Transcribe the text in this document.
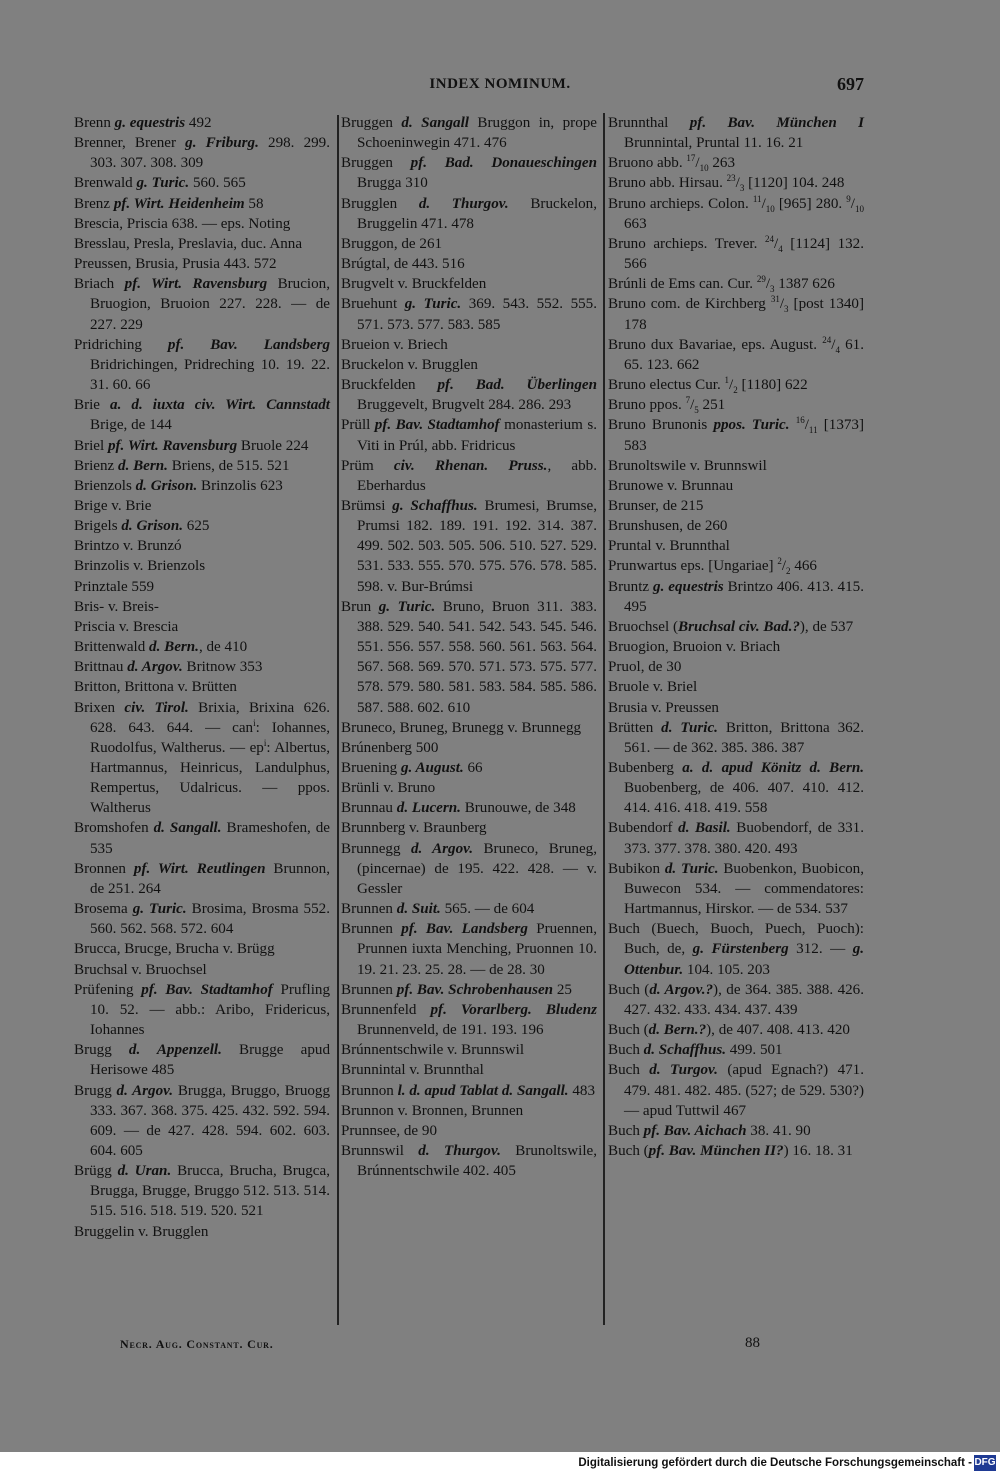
INDEX NOMINUM.	697
Brenn g. equestris 492
Brenner, Brener g. Friburg. 298. 299. 303. 307. 308. 309
Brenwald g. Turic. 560. 565
Brenz pf. Wirt. Heidenheim 58
Brescia, Priscia 638. — eps. Noting
Bresslau, Presla, Preslavia, duc. Anna
Preussen, Brusia, Prusia 443. 572
Briach pf. Wirt. Ravensburg Brucion, Bruogion, Bruoion 227. 228. — de 227. 229
Pridriching pf. Bav. Landsberg Bridrichingen, Pridreching 10. 19. 22. 31. 60. 66
Brie a. d. iuxta civ. Wirt. Cannstadt Brige, de 144
Briel pf. Wirt. Ravensburg Bruole 224
Brienz d. Bern. Briens, de 515. 521
Brienzols d. Grison. Brinzolis 623
Brige v. Brie
Brigels d. Grison. 625
Brintzo v. Brunzó
Brinzolis v. Brienzols
Prinztale 559
Bris- v. Breis-
Priscia v. Brescia
Brittenwald d. Bern., de 410
Brittnau d. Argov. Britnow 353
Britton, Brittona v. Brütten
Brixen civ. Tirol. Brixia, Brixina 626. 628. 643. 644. — can$^i$: Iohannes, Ruodolfus, Waltherus. — $ep^i$: Albertus, Hartmannus, Heinricus, Landulphus, Rempertus, Udalricus. — ppos. Waltherus
Bromshofen d. Sangall. Brameshofen, de 535
Bronnen pf. Wirt. Reutlingen Brunnon, de 251. 264
Brosema g. Turic. Brosima, Brosma 552. 560. 562. 568. 572. 604
Brucca, Brucge, Brucha v. Brügg
Bruchsal v. Bruochsel
Prüfening pf. Bav. Stadtamhof Prufling 10. 52. — abb.: Aribo, Fridericus, Iohannes
Brugg d. Appenzell. Brugge apud Herisowe 485
Brugg d. Argov. Brugga, Bruggo, Bruogg 333. 367. 368. 375. 425. 432. 592. 594. 609. — de 427. 428. 594. 602. 603. 604. 605
Brügg d. Uran. Brucca, Brucha, Brugca, Brugga, Brugge, Bruggo 512. 513. 514. 515. 516. 518. 519. 520. 521
Bruggelin v. Brugglen
Bruggen d. Sangall Bruggon in, prope Schoeninwegin 471. 476
Bruggen pf. Bad. Donaueschingen Brugga 310
Brugglen d. Thurgov. Bruckelon, Bruggelin 471. 478
Bruggon, de 261
Brúgtal, de 443. 516
Brugvelt v. Bruckfelden
Bruehunt g. Turic. 369. 543. 552. 555. 571. 573. 577. 583. 585
Brueion v. Briech
Bruckelon v. Brugglen
Bruckfelden pf. Bad. Überlingen Bruggevelt, Brugvelt 284. 286. 293
Prüll pf. Bav. Stadtamhof monasterium s. Viti in Prúl, abb. Fridricus
Prüm civ. Rhenan. Pruss., abb. Eberhardus
Brümsi g. Schaffhus. Brumesi, Brumse, Prumsi 182. 189. 191. 192. 314. 387. 499. 502. 503. 505. 506. 510. 527. 529. 531. 533. 555. 570. 575. 576. 578. 585. 598. v. Bur-Brúmsi
Brun g. Turic. Bruno, Bruon 311. 383. 388. 529. 540. 541. 542. 543. 545. 546. 551. 556. 557. 558. 560. 561. 563. 564. 567. 568. 569. 570. 571. 573. 575. 577. 578. 579. 580. 581. 583. 584. 585. 586. 587. 588. 602. 610
Bruneco, Bruneg, Brunegg v. Brunnegg
Brúnenberg 500
Bruening g. August. 66
Brünli v. Bruno
Brunnau d. Lucern. Brunouwe, de 348
Brunnberg v. Braunberg
Brunnegg d. Argov. Bruneco, Bruneg, (pincernae) de 195. 422. 428. — v. Gessler
Brunnen d. Suit. 565. — de 604
Brunnen pf. Bav. Landsberg Pruennen, Prunnen iuxta Menching, Pruonnen 10. 19. 21. 23. 25. 28. — de 28. 30
Brunnen pf. Bav. Schrobenhausen 25
Brunnenfeld pf. Vorarlberg. Bludenz Brunnenveld, de 191. 193. 196
Brúnnentschwile v. Brunnswil
Brunnintal v. Brunnthal
Brunnon l. d. apud Tablat d. Sangall. 483
Brunnon v. Bronnen, Brunnen
Prunnsee, de 90
Brunnswil d. Thurgov. Brunoltswile, Brúnnentschwile 402. 405
Brunnthal pf. Bav. München I Brunnintal, Pruntal 11. 16. 21
Bruono abb. $^{17}/_{10}$ 263
Bruno abb. Hirsau. $^{23}/_3$ [1120] 104. 248
Bruno archieps. Colon. $^{11}/_{10}$ [965] 280. $^9/_{10}$ 663
Bruno archieps. Trever. $^{24}/_4$ [1124] 132. 566
Brúnli de Ems can. Cur. $^{29}/_3$ 1387 626
Bruno com. de Kirchberg $^{31}/_3$ [post 1340] 178
Bruno dux Bavariae, eps. August. $^{24}/_4$ 61. 65. 123. 662
Bruno electus Cur. $^1/_2$ [1180] 622
Bruno ppos. $^7/_5$ 251
Bruno Brunonis ppos. Turic. $^{16}/_{11}$ [1373] 583
Brunoltswile v. Brunnswil
Brunowe v. Brunnau
Brunser, de 215
Brunshusen, de 260
Pruntal v. Brunnthal
Prunwartus eps. [Ungariae] $^2/_2$ 466
Bruntz g. equestris Brintzo 406. 413. 415. 495
Bruochsel (Bruchsal civ. Bad.?), de 537
Bruogion, Bruoion v. Briach
Pruol, de 30
Bruole v. Briel
Brusia v. Preussen
Brütten d. Turic. Britton, Brittona 362. 561. — de 362. 385. 386. 387
Bubenberg a. d. apud Könitz d. Bern. Buobenberg, de 406. 407. 410. 412. 414. 416. 418. 419. 558
Bubendorf d. Basil. Buobendorf, de 331. 373. 377. 378. 380. 420. 493
Bubikon d. Turic. Buobenkon, Buobicon, Buwecon 534. — commendatores: Hartmannus, Hirskor. — de 534. 537
Buch (Buech, Buoch, Puech, Puoch): Buch, de, g. Fürstenberg 312. — g. Ottenbur. 104. 105. 203
Buch (d. Argov.?), de 364. 385. 388. 426. 427. 432. 433. 434. 437. 439
Buch (d. Bern.?), de 407. 408. 413. 420
Buch d. Schaffhus. 499. 501
Buch d. Turgov. (apud Egnach?) 471. 479. 481. 482. 485. (527; de 529. 530?) — apud Tuttwil 467
Buch pf. Bav. Aichach 38. 41. 90
Buch (pf. Bav. München II?) 16. 18. 31
Necr. Aug. Constant. Cur.	88
Digitalisierung gefördert durch die Deutsche Forschungsgemeinschaft - DFG
